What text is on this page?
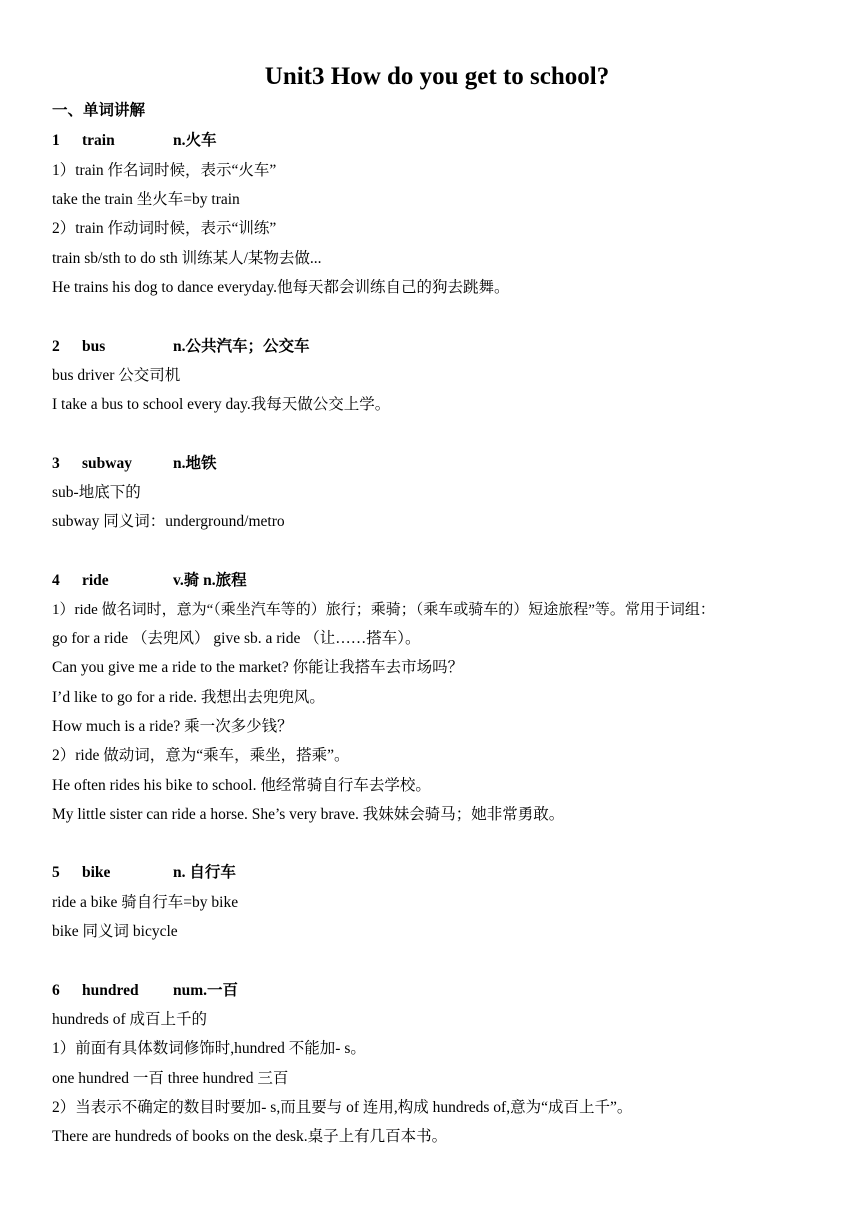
Unit3 How do you get to school?
一、单词讲解
1 train	n.火车
1）train 作名词时候，表示“火车”
take the train 坐火车=by train
2）train 作动词时候，表示“训练”
train sb/sth to do sth 训练某人/某物去做...
He trains his dog to dance everyday.他每天都会训练自己的狗去跳舞。
2 bus	n.公共汽车；公交车
bus driver 公交司机
I take a bus to school every day.我每天做公交上学。
3 subway	n.地铁
sub-地底下的
subway 同义词：underground/metro
4 ride	v.骑 n.旅程
1）ride 做名词时，意为“（乘坐汽车等的）旅行；乘骑；（乘车或骑车的）短途旅程”等。常用于词组：
go for a ride （去兜风） give sb. a ride （让……搭车）。
Can you give me a ride to the market? 你能让我搭车去市场吗？
I’d like to go for a ride. 我想出去兜兜风。
How much is a ride? 乘一次多少钱？
2）ride 做动词，意为“乘车，乘坐，搭乘”。
He often rides his bike to school. 他经常骑自行车去学校。
My little sister can ride a horse. She’s very brave. 我妹妹会骑马；她非常勇敢。
5 bike	n. 自行车
ride a bike 骑自行车=by bike
bike 同义词 bicycle
6 hundred num.一百
hundreds of 成百上千的
1）前面有具体数词修饰时,hundred 不能加- s。
one hundred 一百 three hundred 三百
2）当表示不确定的数目时要加- s,而且要与 of 连用,构成 hundreds of,意为“成百上千”。
There are hundreds of books on the desk.桌子上有几百本书。
